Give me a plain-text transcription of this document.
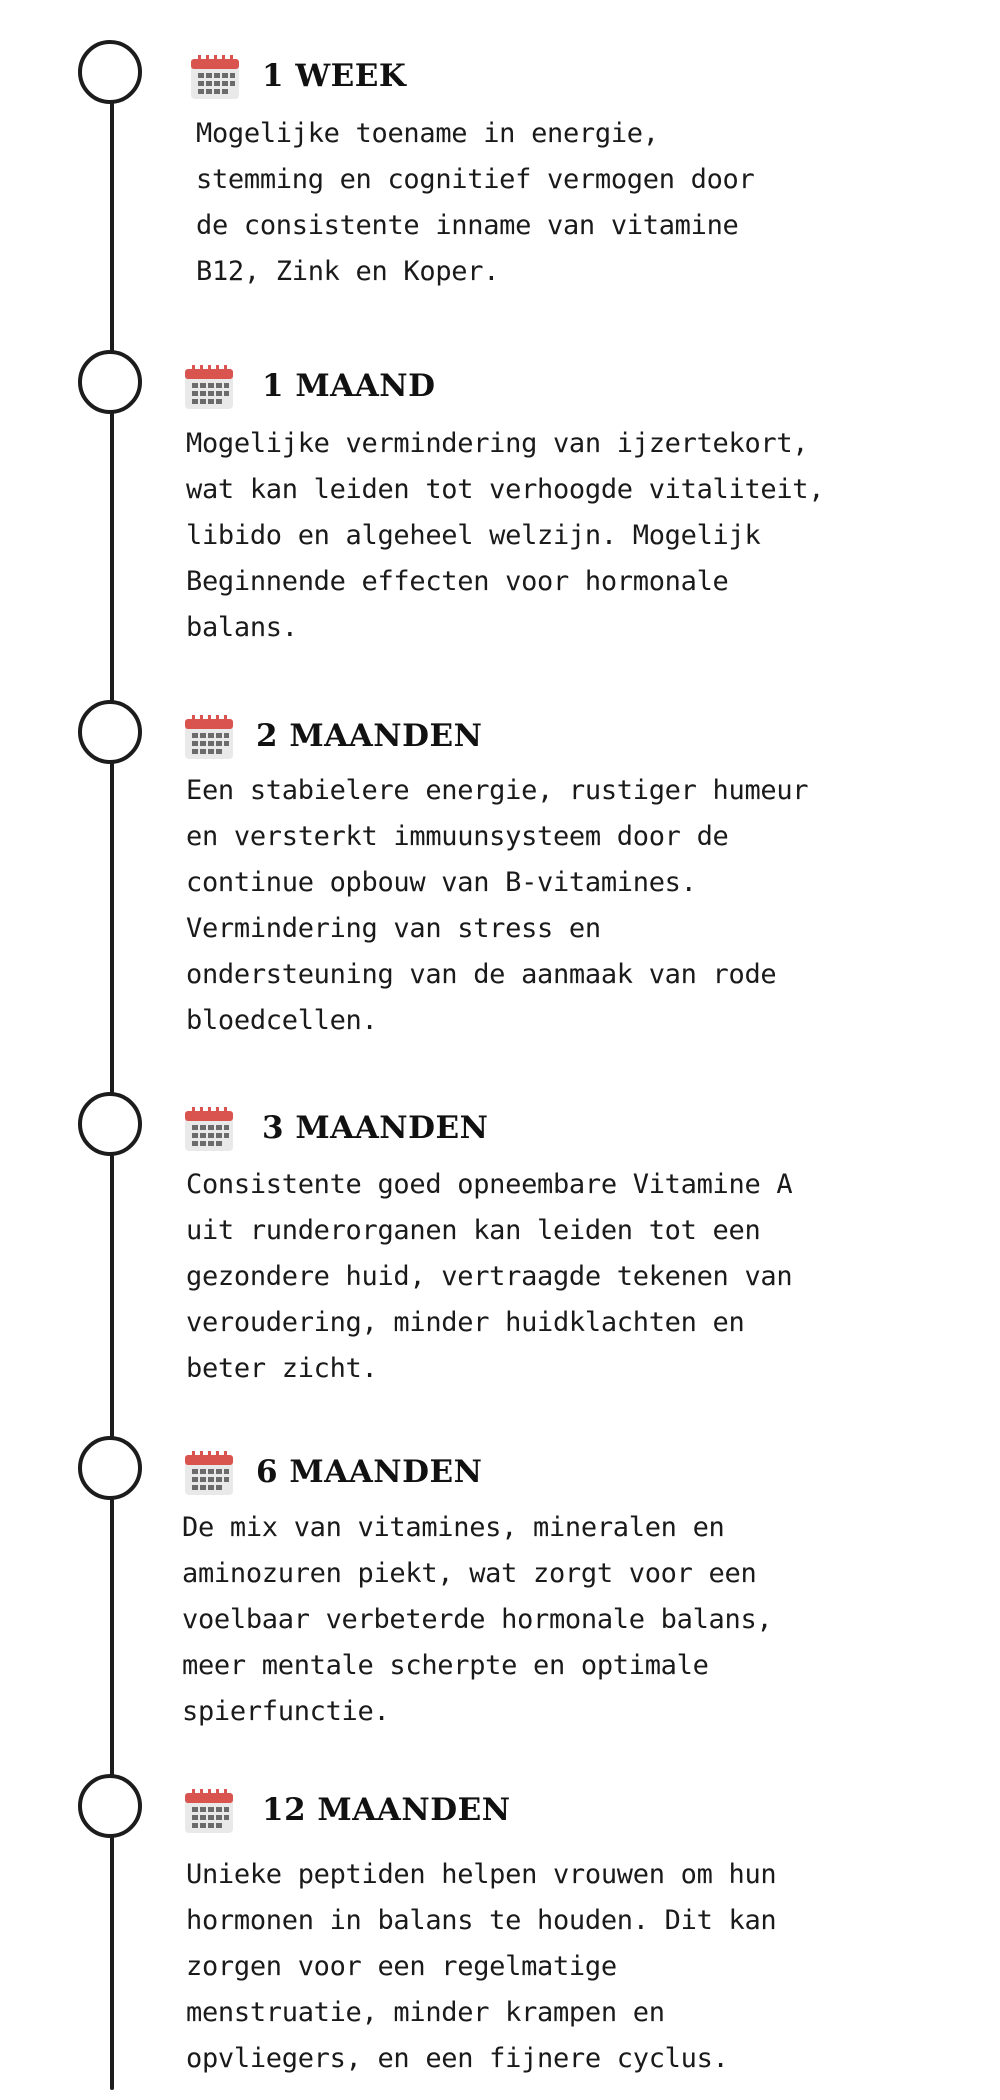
1 WEEK

Mogelijke toename in energie,
stemming en cognitief vermogen door
de consistente inname van vitamine
B12, Zink en Koper.

1 MAAND

Mogelijke vermindering van ijzertekort,
wat kan leiden tot verhoogde vitaliteit,
libido en algeheel welzijn. Mogelijk
Beginnende effecten voor hormonale
balans.

2 MAANDEN

Een stabielere energie, rustiger humeur
en versterkt immuunsysteem door de
continue opbouw van B-vitamines.
Vermindering van stress en
ondersteuning van de aanmaak van rode
bloedcellen.

3 MAANDEN

Consistente goed opneembare Vitamine A
uit runderorganen kan leiden tot een
gezondere huid, vertraagde tekenen van
veroudering, minder huidklachten en
beter zicht.

6 MAANDEN

De mix van vitamines, mineralen en
aminozuren piekt, wat zorgt voor een
voelbaar verbeterde hormonale balans,
meer mentale scherpte en optimale
spierfunctie.

12 MAANDEN

Unieke peptiden helpen vrouwen om hun
hormonen in balans te houden. Dit kan
zorgen voor een regelmatige
menstruatie, minder krampen en
opvliegers, en een fijnere cyclus.
